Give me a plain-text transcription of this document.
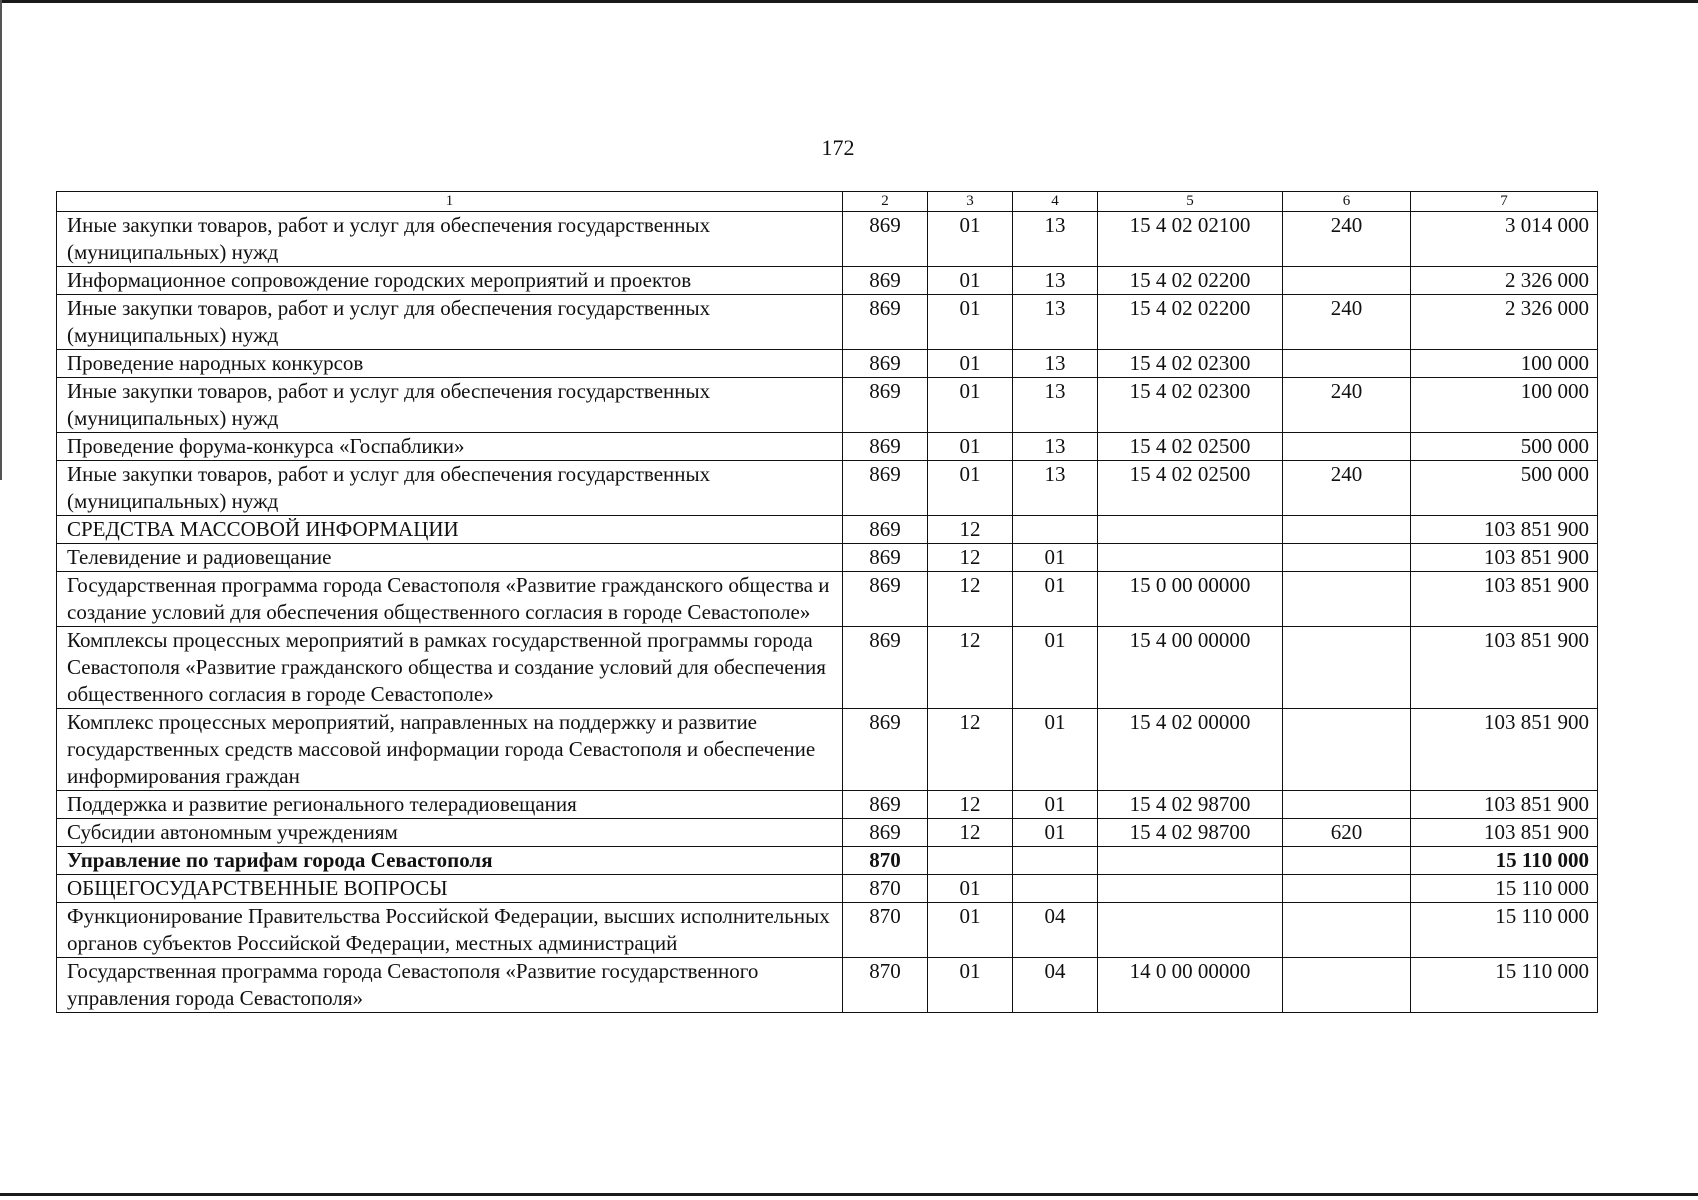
172
1	2	3	4	5	6	7
Иные закупки товаров, работ и услуг для обеспечения государственных (муниципальных) нужд	869	01	13	15 4 02 02100	240	3 014 000
Информационное сопровождение городских мероприятий и проектов	869	01	13	15 4 02 02200		2 326 000
Иные закупки товаров, работ и услуг для обеспечения государственных (муниципальных) нужд	869	01	13	15 4 02 02200	240	2 326 000
Проведение народных конкурсов	869	01	13	15 4 02 02300		100 000
Иные закупки товаров, работ и услуг для обеспечения государственных (муниципальных) нужд	869	01	13	15 4 02 02300	240	100 000
Проведение форума-конкурса «Госпаблики»	869	01	13	15 4 02 02500		500 000
Иные закупки товаров, работ и услуг для обеспечения государственных (муниципальных) нужд	869	01	13	15 4 02 02500	240	500 000
СРЕДСТВА МАССОВОЙ ИНФОРМАЦИИ	869	12				103 851 900
Телевидение и радиовещание	869	12	01			103 851 900
Государственная программа города Севастополя «Развитие гражданского общества и создание условий для обеспечения общественного согласия в городе Севастополе»	869	12	01	15 0 00 00000		103 851 900
Комплексы процессных мероприятий в рамках государственной программы города Севастополя «Развитие гражданского общества и создание условий для обеспечения общественного согласия в городе Севастополе»	869	12	01	15 4 00 00000		103 851 900
Комплекс процессных мероприятий, направленных на поддержку и развитие государственных средств массовой информации города Севастополя и обеспечение информирования граждан	869	12	01	15 4 02 00000		103 851 900
Поддержка и развитие регионального телерадиовещания	869	12	01	15 4 02 98700		103 851 900
Субсидии автономным учреждениям	869	12	01	15 4 02 98700	620	103 851 900
Управление по тарифам города Севастополя	870					15 110 000
ОБЩЕГОСУДАРСТВЕННЫЕ ВОПРОСЫ	870	01				15 110 000
Функционирование Правительства Российской Федерации, высших исполнительных органов субъектов Российской Федерации, местных администраций	870	01	04			15 110 000
Государственная программа города Севастополя «Развитие государственного управления города Севастополя»	870	01	04	14 0 00 00000		15 110 000
